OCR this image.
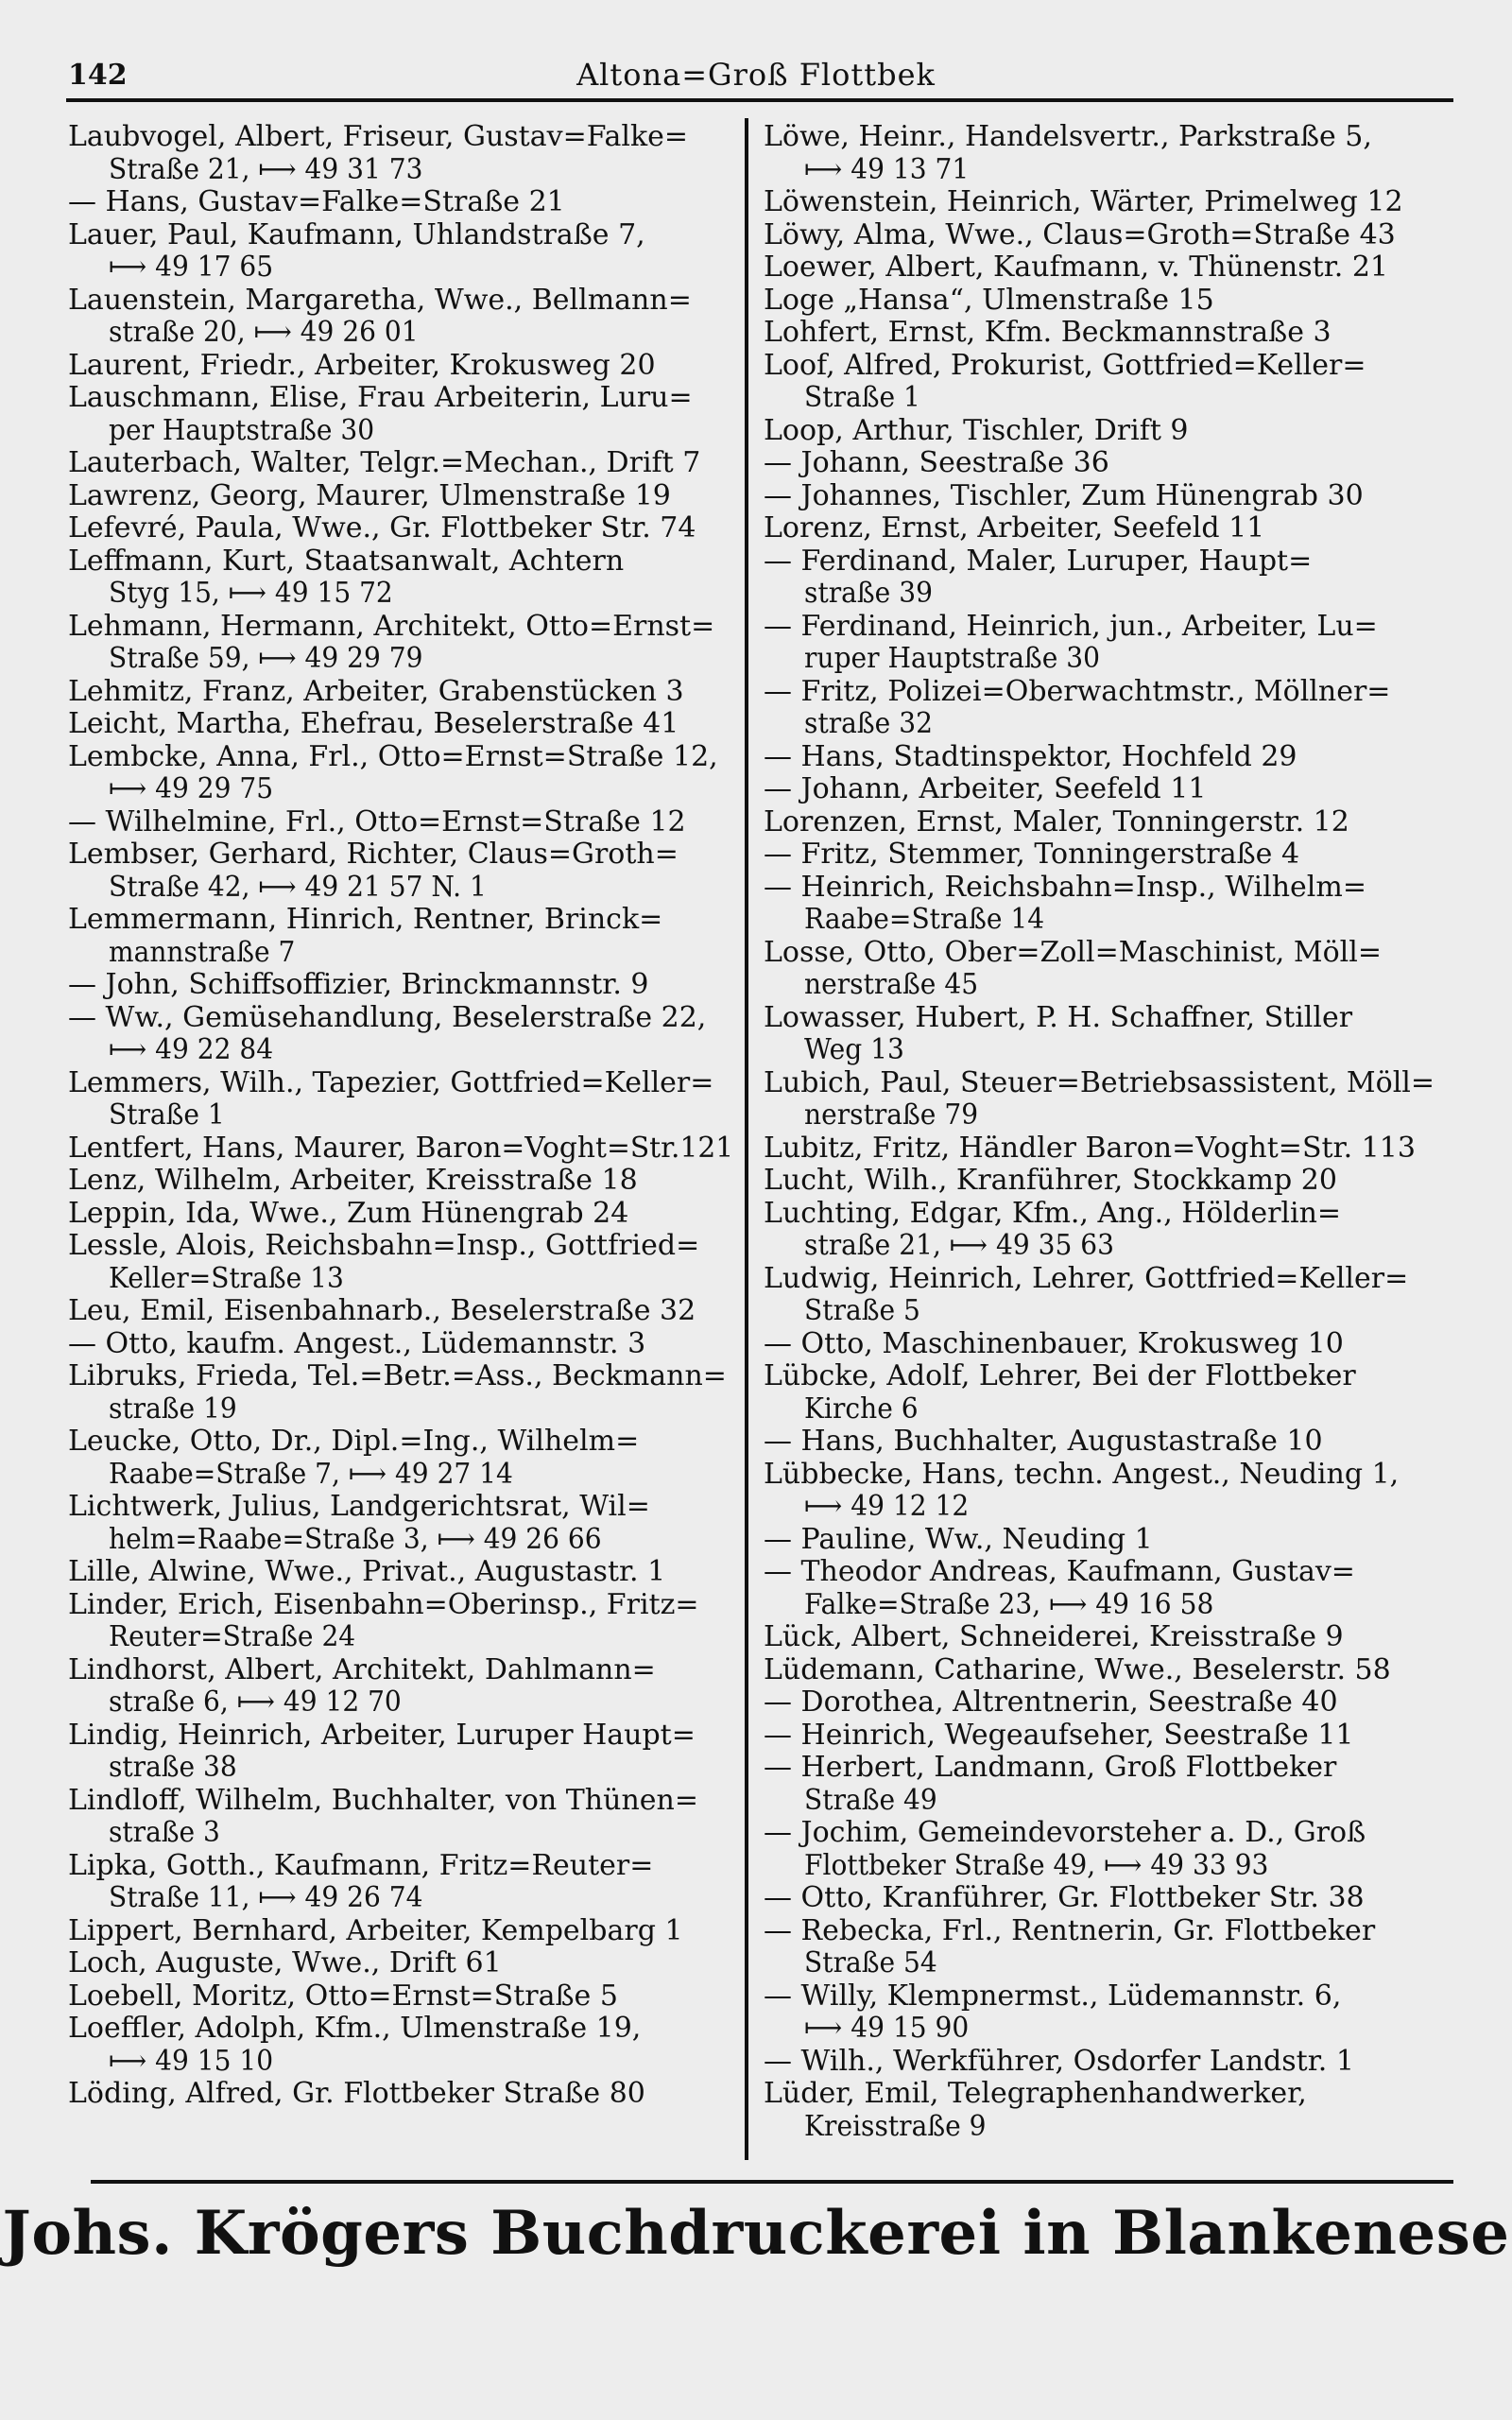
142	Altona=Groß Flottbek
Laubvogel, Albert, Friseur, Gustav=Falke=
Straße 21, ⟼ 49 31 73
— Hans, Gustav=Falke=Straße 21
Lauer, Paul, Kaufmann, Uhlandstraße 7,
⟼ 49 17 65
Lauenstein, Margaretha, Wwe., Bellmann=
straße 20, ⟼ 49 26 01
Laurent, Friedr., Arbeiter, Krokusweg 20
Lauschmann, Elise, Frau Arbeiterin, Luru=
per Hauptstraße 30
Lauterbach, Walter, Telgr.=Mechan., Drift 7
Lawrenz, Georg, Maurer, Ulmenstraße 19
Lefevré, Paula, Wwe., Gr. Flottbeker Str. 74
Leffmann, Kurt, Staatsanwalt, Achtern
Styg 15, ⟼ 49 15 72
Lehmann, Hermann, Architekt, Otto=Ernst=
Straße 59, ⟼ 49 29 79
Lehmitz, Franz, Arbeiter, Grabenstücken 3
Leicht, Martha, Ehefrau, Beselerstraße 41
Lembcke, Anna, Frl., Otto=Ernst=Straße 12,
⟼ 49 29 75
— Wilhelmine, Frl., Otto=Ernst=Straße 12
Lembser, Gerhard, Richter, Claus=Groth=
Straße 42, ⟼ 49 21 57 N. 1
Lemmermann, Hinrich, Rentner, Brinck=
mannstraße 7
— John, Schiffsoffizier, Brinckmannstr. 9
— Ww., Gemüsehandlung, Beselerstraße 22,
⟼ 49 22 84
Lemmers, Wilh., Tapezier, Gottfried=Keller=
Straße 1
Lentfert, Hans, Maurer, Baron=Voght=Str.121
Lenz, Wilhelm, Arbeiter, Kreisstraße 18
Leppin, Ida, Wwe., Zum Hünengrab 24
Lessle, Alois, Reichsbahn=Insp., Gottfried=
Keller=Straße 13
Leu, Emil, Eisenbahnarb., Beselerstraße 32
— Otto, kaufm. Angest., Lüdemannstr. 3
Libruks, Frieda, Tel.=Betr.=Ass., Beckmann=
straße 19
Leucke, Otto, Dr., Dipl.=Ing., Wilhelm=
Raabe=Straße 7, ⟼ 49 27 14
Lichtwerk, Julius, Landgerichtsrat, Wil=
helm=Raabe=Straße 3, ⟼ 49 26 66
Lille, Alwine, Wwe., Privat., Augustastr. 1
Linder, Erich, Eisenbahn=Oberinsp., Fritz=
Reuter=Straße 24
Lindhorst, Albert, Architekt, Dahlmann=
straße 6, ⟼ 49 12 70
Lindig, Heinrich, Arbeiter, Luruper Haupt=
straße 38
Lindloff, Wilhelm, Buchhalter, von Thünen=
straße 3
Lipka, Gotth., Kaufmann, Fritz=Reuter=
Straße 11, ⟼ 49 26 74
Lippert, Bernhard, Arbeiter, Kempelbarg 1
Loch, Auguste, Wwe., Drift 61
Loebell, Moritz, Otto=Ernst=Straße 5
Loeffler, Adolph, Kfm., Ulmenstraße 19,
⟼ 49 15 10
Löding, Alfred, Gr. Flottbeker Straße 80
Löwe, Heinr., Handelsvertr., Parkstraße 5,
⟼ 49 13 71
Löwenstein, Heinrich, Wärter, Primelweg 12
Löwy, Alma, Wwe., Claus=Groth=Straße 43
Loewer, Albert, Kaufmann, v. Thünenstr. 21
Loge „Hansa“, Ulmenstraße 15
Lohfert, Ernst, Kfm. Beckmannstraße 3
Loof, Alfred, Prokurist, Gottfried=Keller=
Straße 1
Loop, Arthur, Tischler, Drift 9
— Johann, Seestraße 36
— Johannes, Tischler, Zum Hünengrab 30
Lorenz, Ernst, Arbeiter, Seefeld 11
— Ferdinand, Maler, Luruper, Haupt=
straße 39
— Ferdinand, Heinrich, jun., Arbeiter, Lu=
ruper Hauptstraße 30
— Fritz, Polizei=Oberwachtmstr., Möllner=
straße 32
— Hans, Stadtinspektor, Hochfeld 29
— Johann, Arbeiter, Seefeld 11
Lorenzen, Ernst, Maler, Tonningerstr. 12
— Fritz, Stemmer, Tonningerstraße 4
— Heinrich, Reichsbahn=Insp., Wilhelm=
Raabe=Straße 14
Losse, Otto, Ober=Zoll=Maschinist, Möll=
nerstraße 45
Lowasser, Hubert, P. H. Schaffner, Stiller
Weg 13
Lubich, Paul, Steuer=Betriebsassistent, Möll=
nerstraße 79
Lubitz, Fritz, Händler Baron=Voght=Str. 113
Lucht, Wilh., Kranführer, Stockkamp 20
Luchting, Edgar, Kfm., Ang., Hölderlin=
straße 21, ⟼ 49 35 63
Ludwig, Heinrich, Lehrer, Gottfried=Keller=
Straße 5
— Otto, Maschinenbauer, Krokusweg 10
Lübcke, Adolf, Lehrer, Bei der Flottbeker
Kirche 6
— Hans, Buchhalter, Augustastraße 10
Lübbecke, Hans, techn. Angest., Neuding 1,
⟼ 49 12 12
— Pauline, Ww., Neuding 1
— Theodor Andreas, Kaufmann, Gustav=
Falke=Straße 23, ⟼ 49 16 58
Lück, Albert, Schneiderei, Kreisstraße 9
Lüdemann, Catharine, Wwe., Beselerstr. 58
— Dorothea, Altrentnerin, Seestraße 40
— Heinrich, Wegeaufseher, Seestraße 11
— Herbert, Landmann, Groß Flottbeker
Straße 49
— Jochim, Gemeindevorsteher a. D., Groß
Flottbeker Straße 49, ⟼ 49 33 93
— Otto, Kranführer, Gr. Flottbeker Str. 38
— Rebecka, Frl., Rentnerin, Gr. Flottbeker
Straße 54
— Willy, Klempnermst., Lüdemannstr. 6,
⟼ 49 15 90
— Wilh., Werkführer, Osdorfer Landstr. 1
Lüder, Emil, Telegraphenhandwerker,
Kreisstraße 9
Johs. Krögers Buchdruckerei in Blankenese
